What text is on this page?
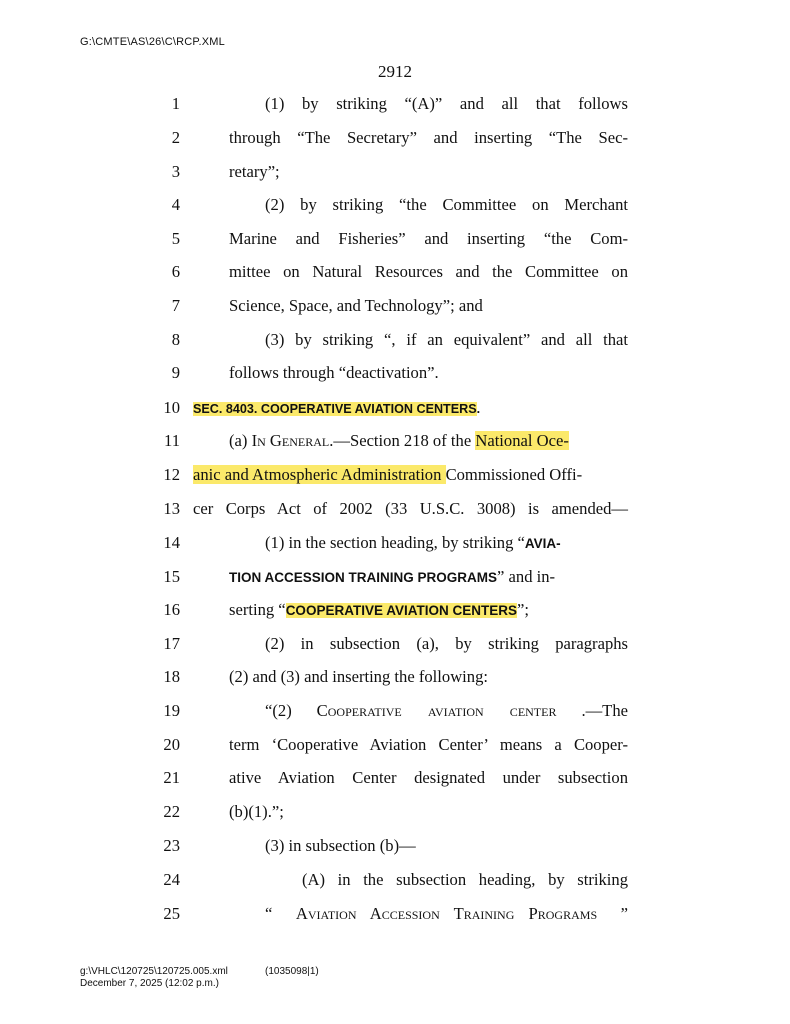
G:\CMTE\AS\26\C\RCP.XML
2912
1	(1) by striking “(A)” and all that follows
2	through “The Secretary” and inserting “The Sec-
3	retary”;
4	(2) by striking “the Committee on Merchant
5	Marine and Fisheries” and inserting “the Com-
6	mittee on Natural Resources and the Committee on
7	Science, Space, and Technology”; and
8	(3) by striking “, if an equivalent” and all that
9	follows through “deactivation”.
10 SEC. 8403. COOPERATIVE AVIATION CENTERS.
11	(a) In General.—Section 218 of the National Oce-
12 anic and Atmospheric Administration Commissioned Offi-
13 cer Corps Act of 2002 (33 U.S.C. 3008) is amended—
14	(1) in the section heading, by striking “AVIA-
15	TION ACCESSION TRAINING PROGRAMS” and in-
16	serting “COOPERATIVE AVIATION CENTERS”;
17	(2) in subsection (a), by striking paragraphs
18	(2) and (3) and inserting the following:
19	“(2) Cooperative aviation center .—The
20	term ‘Cooperative Aviation Center’ means a Cooper-
21	ative Aviation Center designated under subsection
22	(b)(1).”;
23	(3) in subsection (b)—
24	(A) in the subsection heading, by striking
25	“ Aviation Accession Training Programs ”
g:\VHLC\120725\120725.005.xml
December 7, 2025 (12:02 p.m.)
(1035098|1)
